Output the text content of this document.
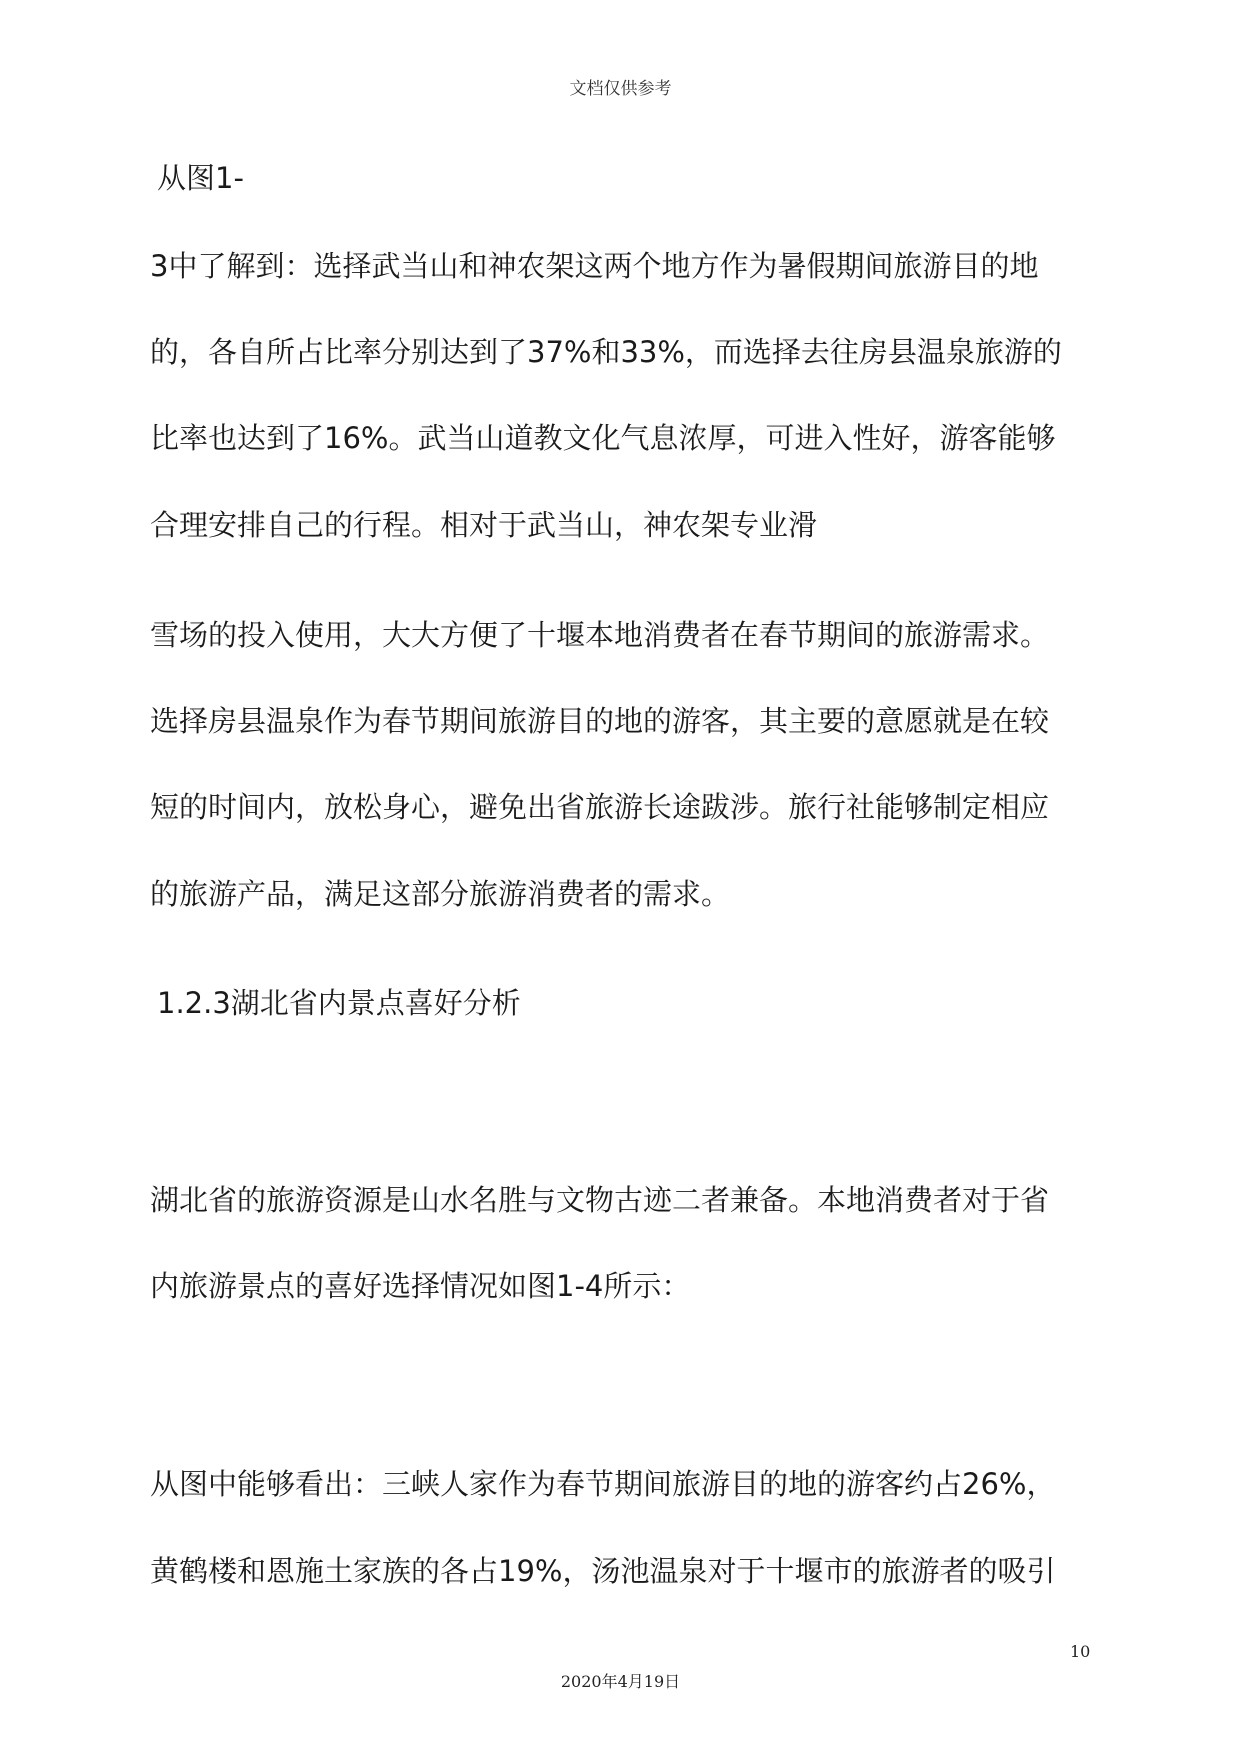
文档仅供参考
从图1-
3中了解到：选择武当山和神农架这两个地方作为暑假期间旅游目的地
的，各自所占比率分别达到了37%和33%，而选择去往房县温泉旅游的
比率也达到了16%。武当山道教文化气息浓厚，可进入性好，游客能够
合理安排自己的行程。相对于武当山，神农架专业滑
雪场的投入使用，大大方便了十堰本地消费者在春节期间的旅游需求。
选择房县温泉作为春节期间旅游目的地的游客，其主要的意愿就是在较
短的时间内，放松身心，避免出省旅游长途跋涉。旅行社能够制定相应
的旅游产品，满足这部分旅游消费者的需求。
1.2.3湖北省内景点喜好分析
湖北省的旅游资源是山水名胜与文物古迹二者兼备。本地消费者对于省
内旅游景点的喜好选择情况如图1-4所示：
从图中能够看出：三峡人家作为春节期间旅游目的地的游客约占26%，
黄鹤楼和恩施土家族的各占19%，汤池温泉对于十堰市的旅游者的吸引
10
2020年4月19日
